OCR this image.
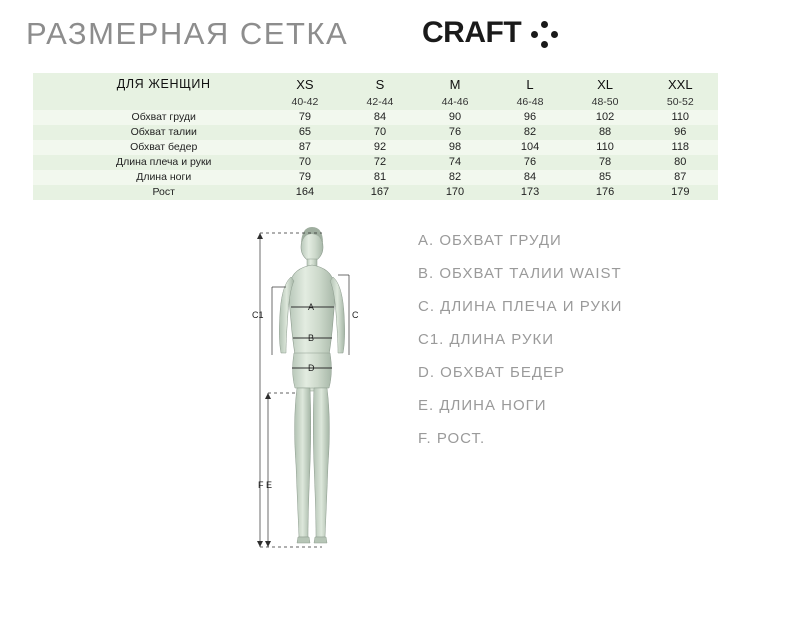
РАЗМЕРНАЯ СЕТКА CRAFT
ДЛЯ ЖЕНЩИН	XS	S	M	L	XL	XXL
	40-42	42-44	44-46	46-48	48-50	50-52
Обхват груди	79	84	90	96	102	110
Обхват талии	65	70	76	82	88	96
Обхват бедер	87	92	98	104	110	118
Длина плеча и руки	70	72	74	76	78	80
Длина ноги	79	81	82	84	85	87
Рост	164	167	170	173	176	179
A
B
D
C
C1
F E
A. ОБХВАТ ГРУДИ
B. ОБХВАТ ТАЛИИ WAIST
C. ДЛИНА ПЛЕЧА И РУКИ
C1. ДЛИНА РУКИ
D. ОБХВАТ БЕДЕР
E. ДЛИНА НОГИ
F. РОСТ.
